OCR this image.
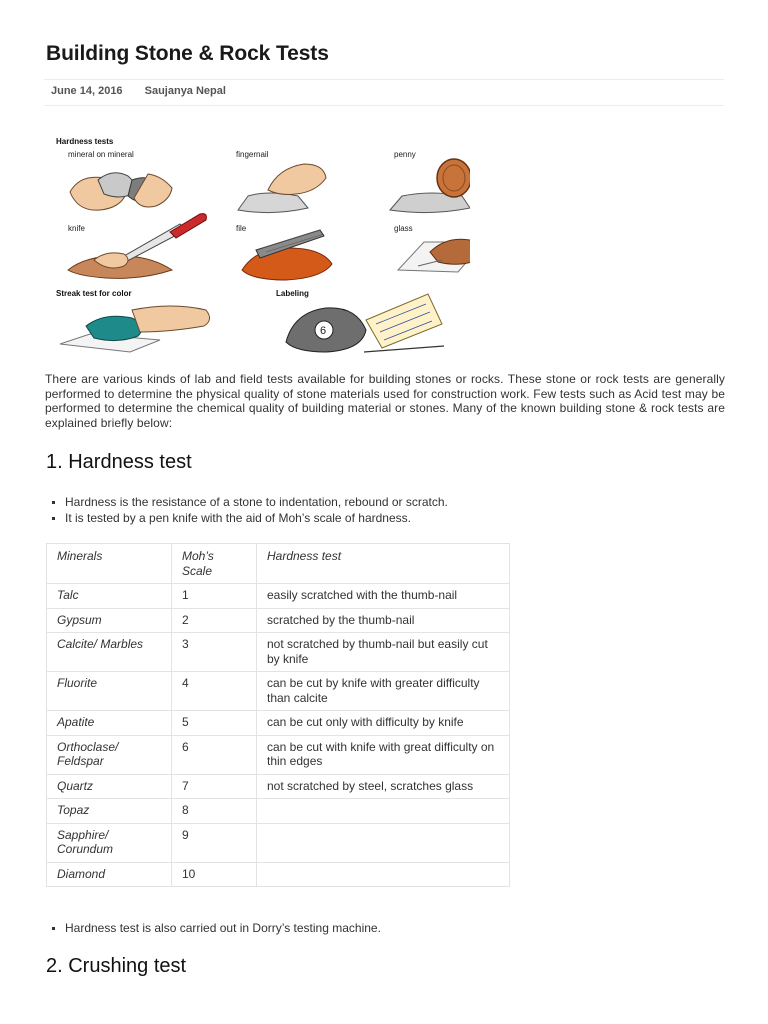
Building Stone & Rock Tests
June 14, 2016 Saujanya Nepal
Hardness tests
mineral on mineral	fingernail	penny
knife	file	glass
Streak test for color	Labeling
6

There are various kinds of lab and field tests available for building stones or rocks. These stone or rock tests are generally performed to determine the physical quality of stone materials used for construction work. Few tests such as Acid test may be performed to determine the chemical quality of building material or stones. Many of the known building stone & rock tests are explained briefly below:

1. Hardness test
Hardness is the resistance of a stone to indentation, rebound or scratch.
It is tested by a pen knife with the aid of Moh’s scale of hardness.
Minerals	Moh’s Scale	Hardness test
Talc	1	easily scratched with the thumb-nail
Gypsum	2	scratched by the thumb-nail
Calcite/ Marbles	3	not scratched by thumb-nail but easily cut by knife
Fluorite	4	can be cut by knife with greater difficulty than calcite
Apatite	5	can be cut only with difficulty by knife
Orthoclase/ Feldspar	6	can be cut with knife with great difficulty on thin edges
Quartz	7	not scratched by steel, scratches glass
Topaz	8	
Sapphire/ Corundum	9	
Diamond	10	
Hardness test is also carried out in Dorry’s testing machine.
2. Crushing test
